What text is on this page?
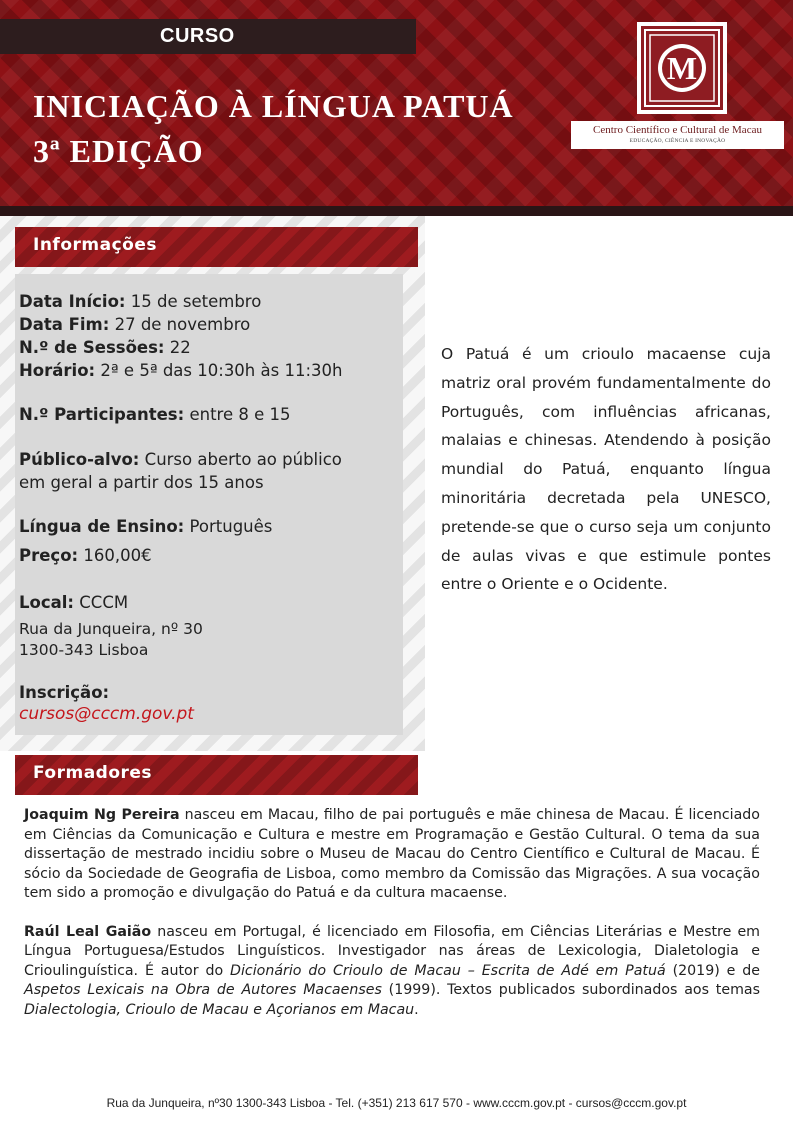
CURSO
INICIAÇÃO À LÍNGUA PATUÁ
3ª EDIÇÃO
M
Centro Científico e Cultural de Macau
EDUCAÇÃO, CIÊNCIA E INOVAÇÃO
Informações
Data Início: 15 de setembro
Data Fim: 27 de novembro
N.º de Sessões: 22
Horário: 2ª e 5ª das 10:30h às 11:30h
N.º Participantes: entre 8 e 15
Público-alvo: Curso aberto ao público
em geral a partir dos 15 anos
Língua de Ensino: Português
Preço: 160,00€
Local: CCCM
Rua da Junqueira, nº 30
1300-343 Lisboa
Inscrição:
cursos@cccm.gov.pt
Formadores
O Patuá é um crioulo macaense cuja matriz oral provém fundamentalmente do Português, com influências africanas, malaias e chinesas. Atendendo à posição mundial do Patuá, enquanto língua minoritária decretada pela UNESCO, pretende-se que o curso seja um conjunto de aulas vivas e que estimule pontes entre o Oriente e o Ocidente.

Joaquim Ng Pereira nasceu em Macau, filho de pai português e mãe chinesa de Macau. É licenciado em Ciências da Comunicação e Cultura e mestre em Programação e Gestão Cultural. O tema da sua dissertação de mestrado incidiu sobre o Museu de Macau do Centro Científico e Cultural de Macau. É sócio da Sociedade de Geografia de Lisboa, como membro da Comissão das Migrações. A sua vocação tem sido a promoção e divulgação do Patuá e da cultura macaense.

Raúl Leal Gaião nasceu em Portugal, é licenciado em Filosofia, em Ciências Literárias e Mestre em Língua Portuguesa/Estudos Linguísticos. Investigador nas áreas de Lexicologia, Dialetologia e Crioulinguística. É autor do Dicionário do Crioulo de Macau – Escrita de Adé em Patuá (2019) e de Aspetos Lexicais na Obra de Autores Macaenses (1999). Textos publicados subordinados aos temas Dialectologia, Crioulo de Macau e Açorianos em Macau.

Rua da Junqueira, nº30 1300-343 Lisboa - Tel. (+351) 213 617 570 - www.cccm.gov.pt - cursos@cccm.gov.pt
